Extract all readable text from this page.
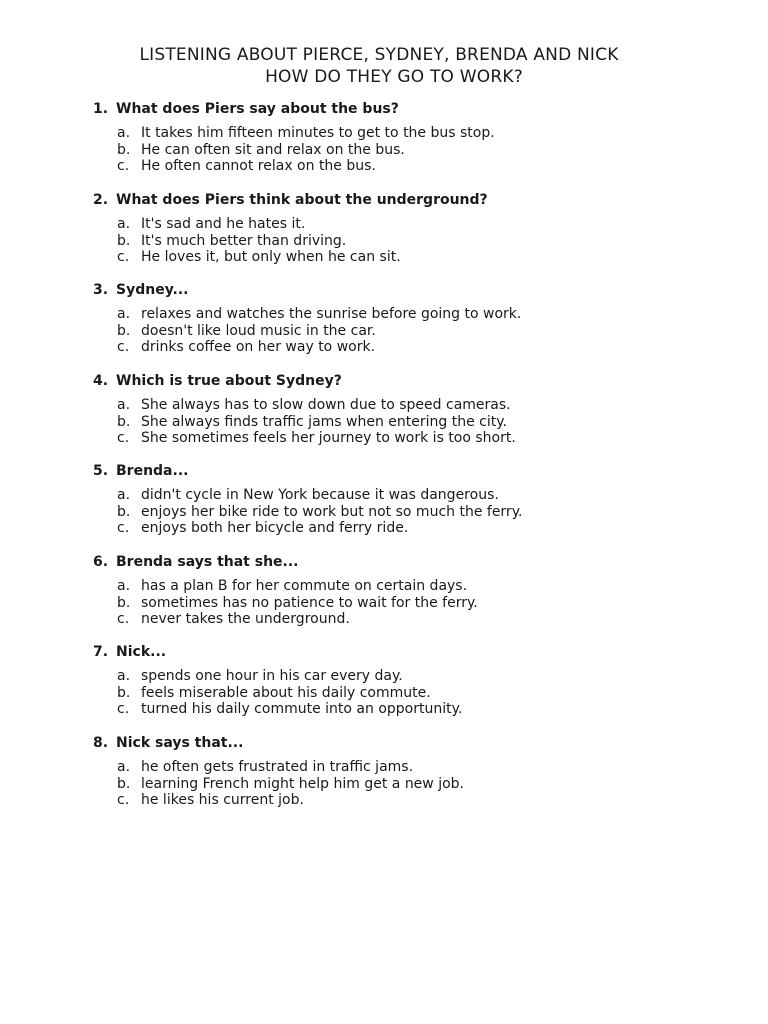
LISTENING ABOUT PIERCE, SYDNEY, BRENDA AND NICK
HOW DO THEY GO TO WORK?
1. What does Piers say about the bus?
a. It takes him fifteen minutes to get to the bus stop.
b. He can often sit and relax on the bus.
c. He often cannot relax on the bus.
2. What does Piers think about the underground?
a. It's sad and he hates it.
b. It's much better than driving.
c. He loves it, but only when he can sit.
3. Sydney...
a. relaxes and watches the sunrise before going to work.
b. doesn't like loud music in the car.
c. drinks coffee on her way to work.
4. Which is true about Sydney?
a. She always has to slow down due to speed cameras.
b. She always finds traffic jams when entering the city.
c. She sometimes feels her journey to work is too short.
5. Brenda...
a. didn't cycle in New York because it was dangerous.
b. enjoys her bike ride to work but not so much the ferry.
c. enjoys both her bicycle and ferry ride.
6. Brenda says that she...
a. has a plan B for her commute on certain days.
b. sometimes has no patience to wait for the ferry.
c. never takes the underground.
7. Nick...
a. spends one hour in his car every day.
b. feels miserable about his daily commute.
c. turned his daily commute into an opportunity.
8. Nick says that...
a. he often gets frustrated in traffic jams.
b. learning French might help him get a new job.
c. he likes his current job.
